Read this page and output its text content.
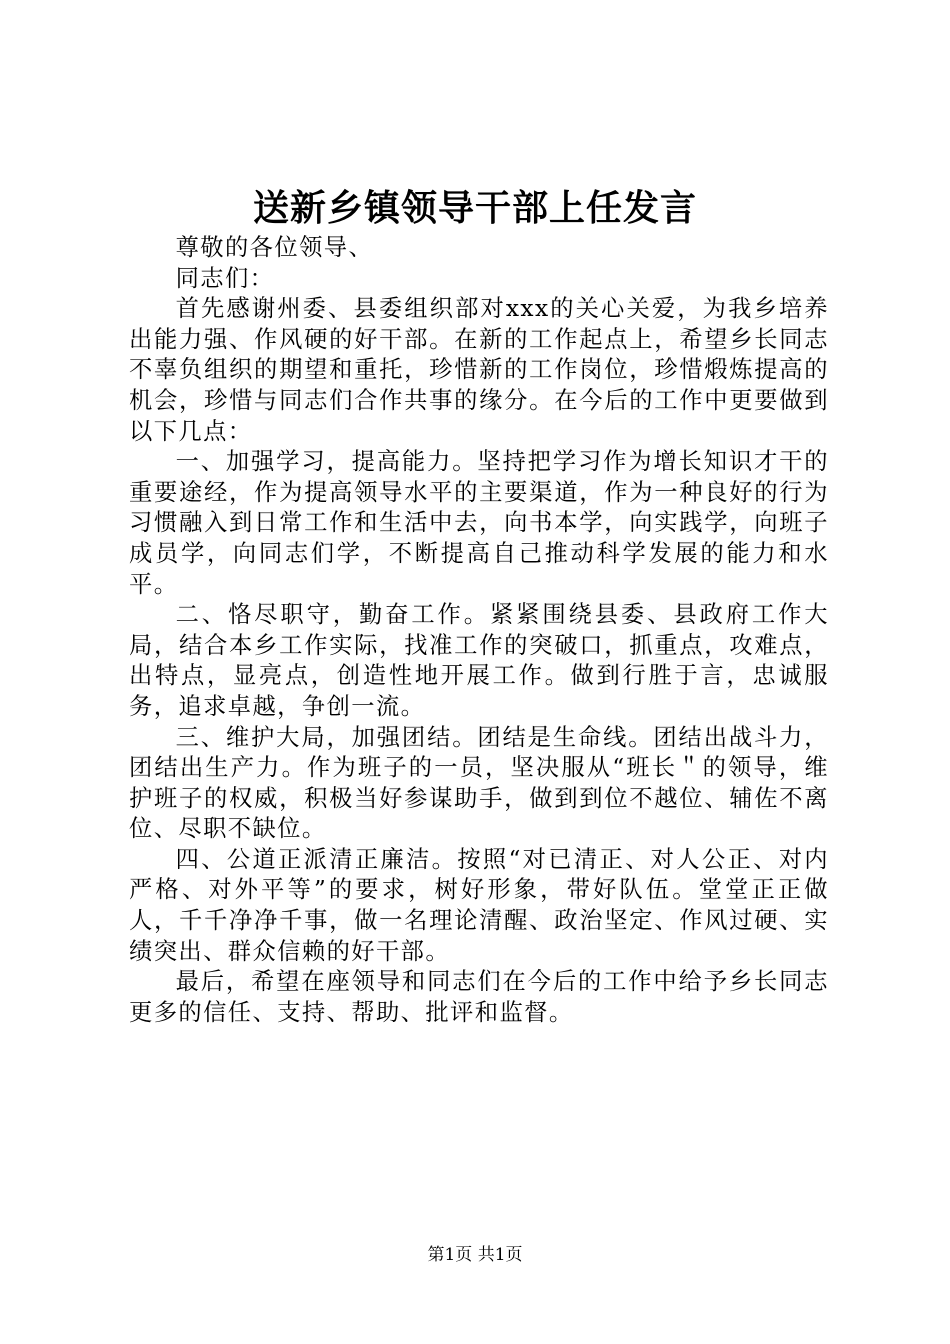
送新乡镇领导干部上任发言

尊敬的各位领导、

同志们：

首先感谢州委、县委组织部对xxx的关心关爱，为我乡培养出能力强、作风硬的好干部。在新的工作起点上，希望乡长同志不辜负组织的期望和重托，珍惜新的工作岗位，珍惜煅炼提高的机会，珍惜与同志们合作共事的缘分。在今后的工作中更要做到以下几点：

一、加强学习，提高能力。坚持把学习作为增长知识才干的重要途经，作为提高领导水平的主要渠道，作为一种良好的行为习惯融入到日常工作和生活中去，向书本学，向实践学，向班子成员学，向同志们学，不断提高自己推动科学发展的能力和水平。

二、恪尽职守，勤奋工作。紧紧围绕县委、县政府工作大局，结合本乡工作实际，找准工作的突破口，抓重点，攻难点，出特点，显亮点，创造性地开展工作。做到行胜于言，忠诚服务，追求卓越，争创一流。

三、维护大局，加强团结。团结是生命线。团结出战斗力，团结出生产力。作为班子的一员，坚决服从“班长＂的领导，维护班子的权威，积极当好参谋助手，做到到位不越位、辅佐不离位、尽职不缺位。

四、公道正派清正廉洁。按照“对已清正、对人公正、对内严格、对外平等”的要求，树好形象，带好队伍。堂堂正正做人，千千净净千事，做一名理论清醒、政治坚定、作风过硬、实绩突出、群众信赖的好干部。

最后，希望在座领导和同志们在今后的工作中给予乡长同志更多的信任、支持、帮助、批评和监督。

第1页 共1页
